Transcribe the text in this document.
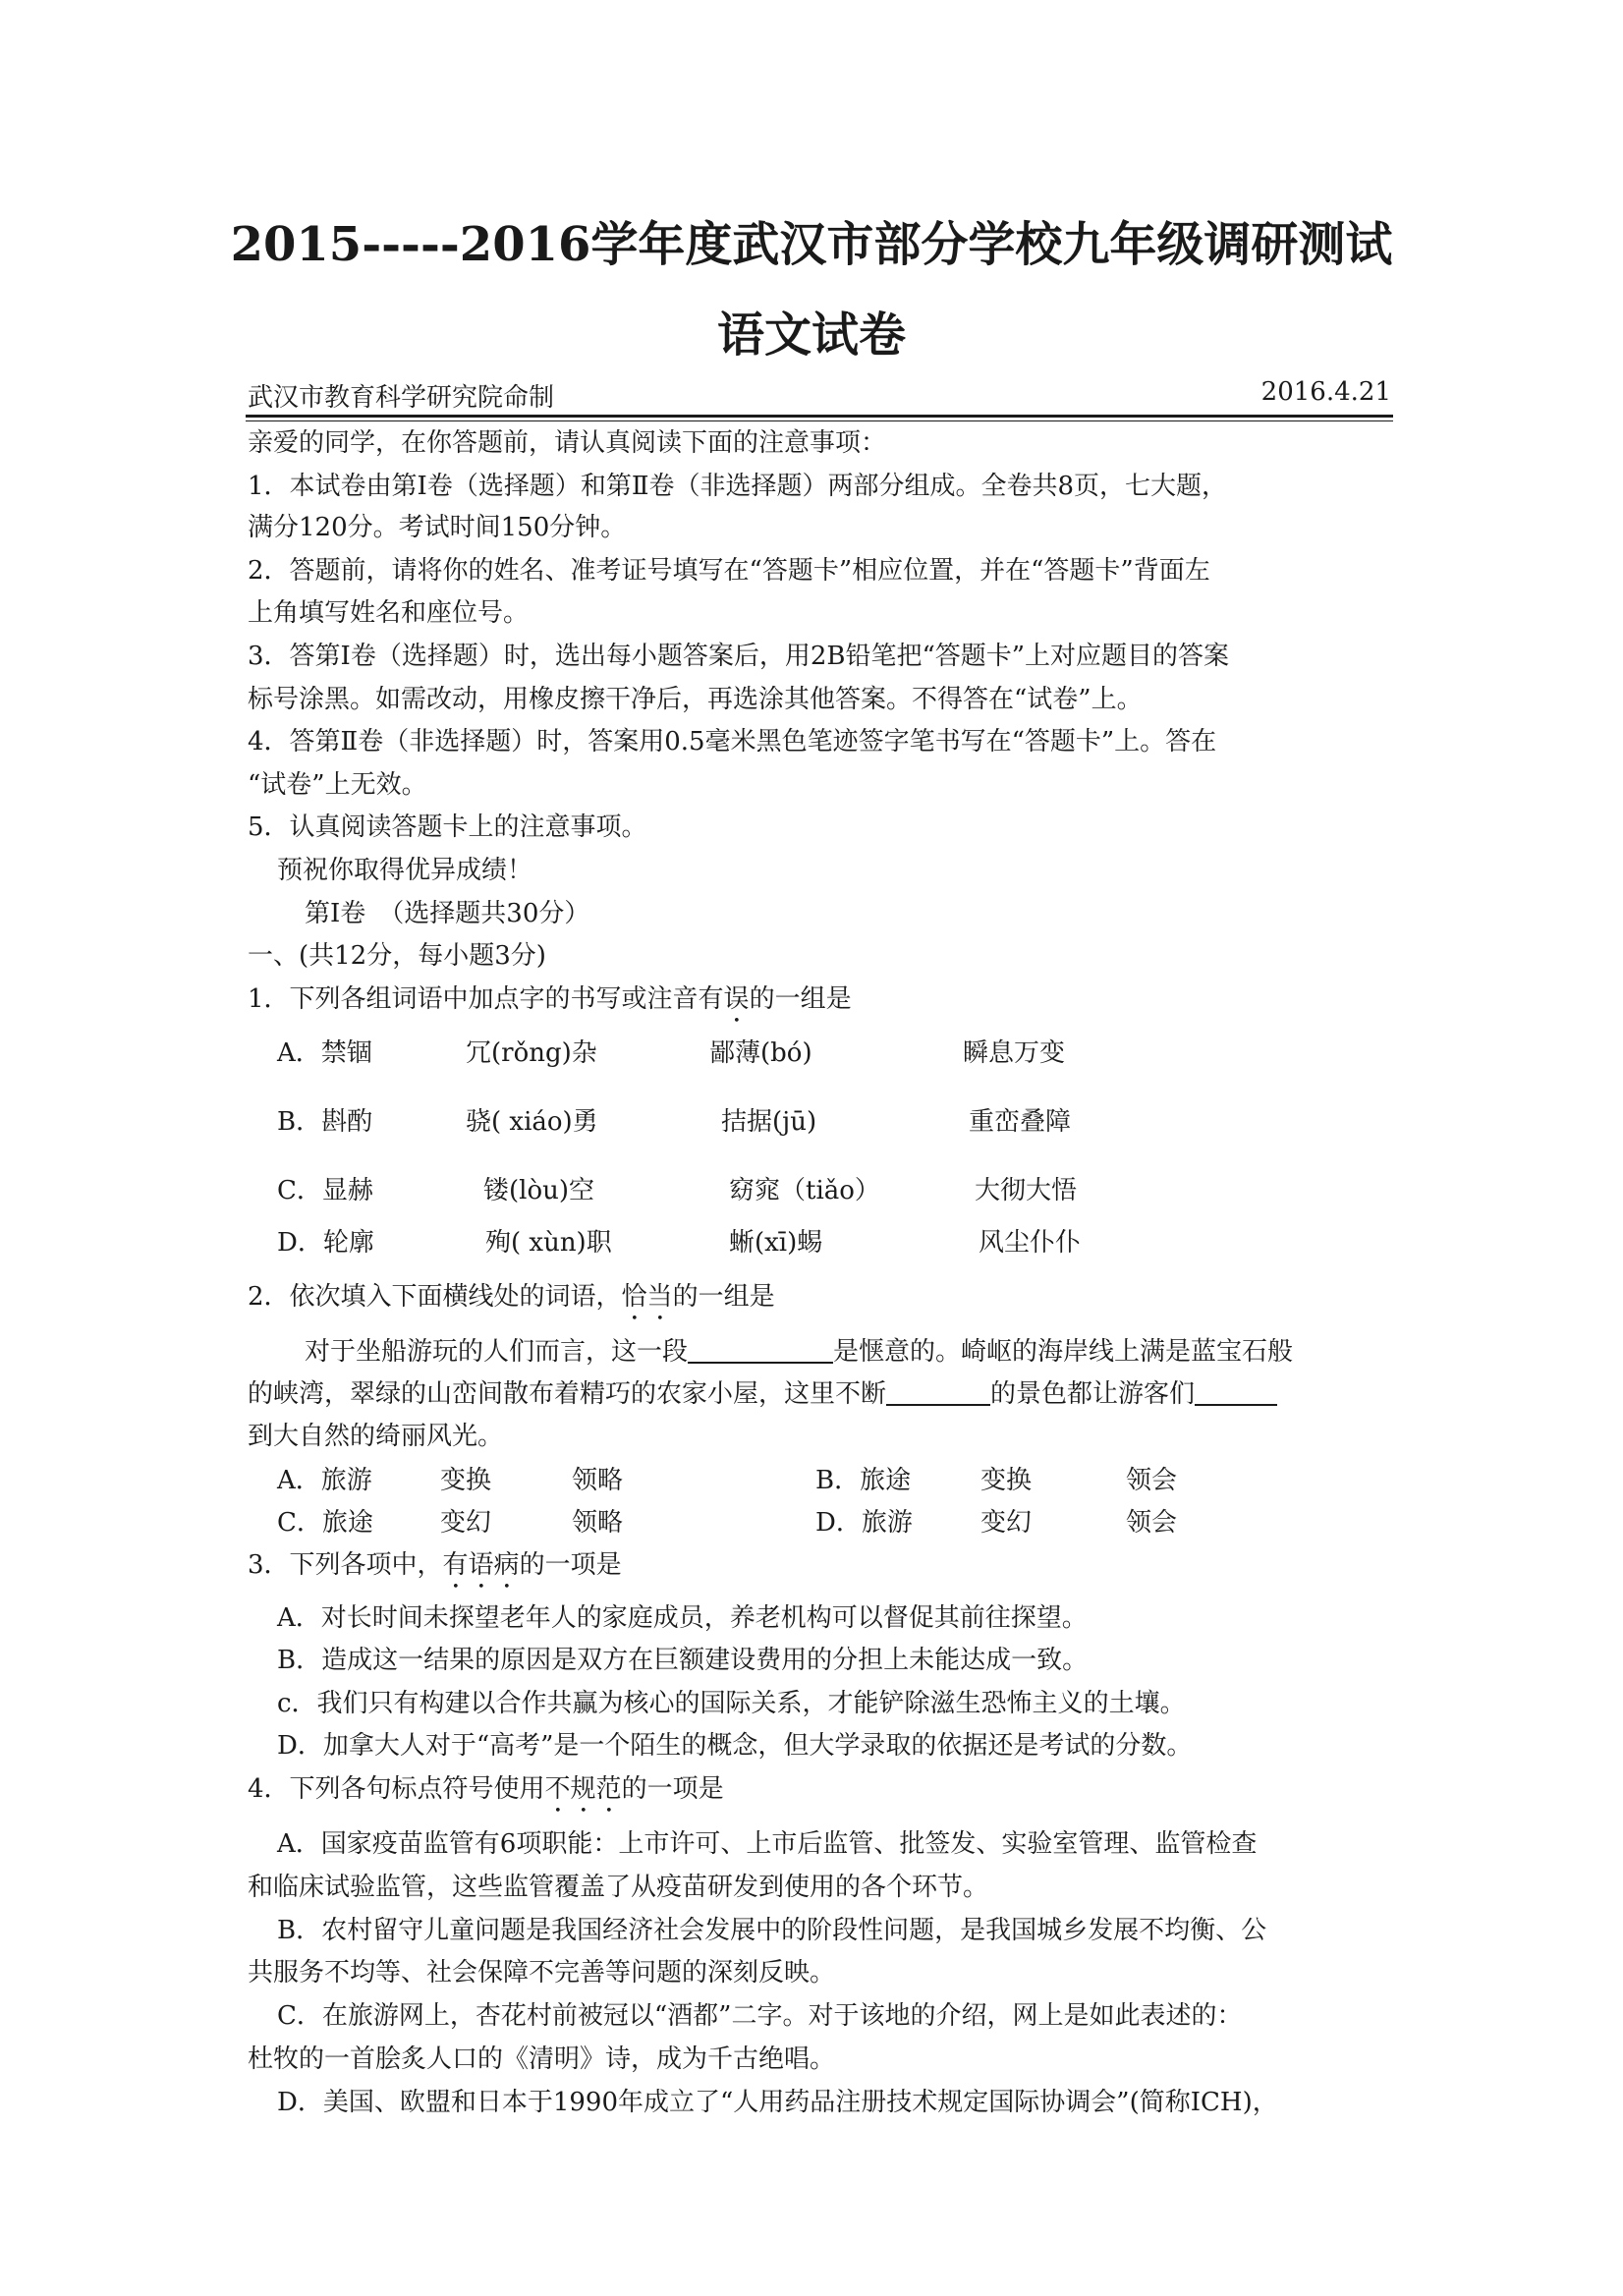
2015-----2016学年度武汉市部分学校九年级调研测试
语文试卷
武汉市教育科学研究院命制	2016.4.21
亲爱的同学，在你答题前，请认真阅读下面的注意事项：
1．本试卷由第Ⅰ卷（选择题）和第Ⅱ卷（非选择题）两部分组成。全卷共8页，七大题，
满分120分。考试时间150分钟。
2．答题前，请将你的姓名、准考证号填写在“答题卡”相应位置，并在“答题卡”背面左
上角填写姓名和座位号。
3．答第Ⅰ卷（选择题）时，选出每小题答案后，用2B铅笔把“答题卡”上对应题目的答案
标号涂黑。如需改动，用橡皮擦干净后，再选涂其他答案。不得答在“试卷”上。
4．答第Ⅱ卷（非选择题）时，答案用0.5毫米黑色笔迹签字笔书写在“答题卡”上。答在
“试卷”上无效。
5．认真阅读答题卡上的注意事项。
预祝你取得优异成绩！
第Ⅰ卷　（选择题共30分）
一、(共12分，每小题3分)
1．下列各组词语中加点字的书写或注音有误的一组是
A．禁锢	冗(rǒng)杂	鄙薄(bó)	瞬息万变
B．斟酌	骁( xiáo)勇	拮据(jū)	重峦叠障
C．显赫	镂(lòu)空	窈窕（tiǎo）	大彻大悟
D．轮廓	殉( xùn)职	蜥(xī)蜴	风尘仆仆
2．依次填入下面横线处的词语，恰当的一组是
对于坐船游玩的人们而言，这一段	是惬意的。崎岖的海岸线上满是蓝宝石般
的峡湾，翠绿的山峦间散布着精巧的农家小屋，这里不断	的景色都让游客们
到大自然的绮丽风光。
A．旅游	变换	领略	B．旅途	变换	领会
C．旅途	变幻	领略	D．旅游	变幻	领会
3．下列各项中，有语病的一项是
A．对长时间未探望老年人的家庭成员，养老机构可以督促其前往探望。
B．造成这一结果的原因是双方在巨额建设费用的分担上未能达成一致。
c．我们只有构建以合作共赢为核心的国际关系，才能铲除滋生恐怖主义的土壤。
D．加拿大人对于“高考”是一个陌生的概念，但大学录取的依据还是考试的分数。
4．下列各句标点符号使用不规范的一项是
A．国家疫苗监管有6项职能：上市许可、上市后监管、批签发、实验室管理、监管检查
和临床试验监管，这些监管覆盖了从疫苗研发到使用的各个环节。
B．农村留守儿童问题是我国经济社会发展中的阶段性问题，是我国城乡发展不均衡、公
共服务不均等、社会保障不完善等问题的深刻反映。
C．在旅游网上，杏花村前被冠以“酒都”二字。对于该地的介绍，网上是如此表述的：
杜牧的一首脍炙人口的《清明》诗，成为千古绝唱。
D．美国、欧盟和日本于1990年成立了“人用药品注册技术规定国际协调会”(简称ICH)，
